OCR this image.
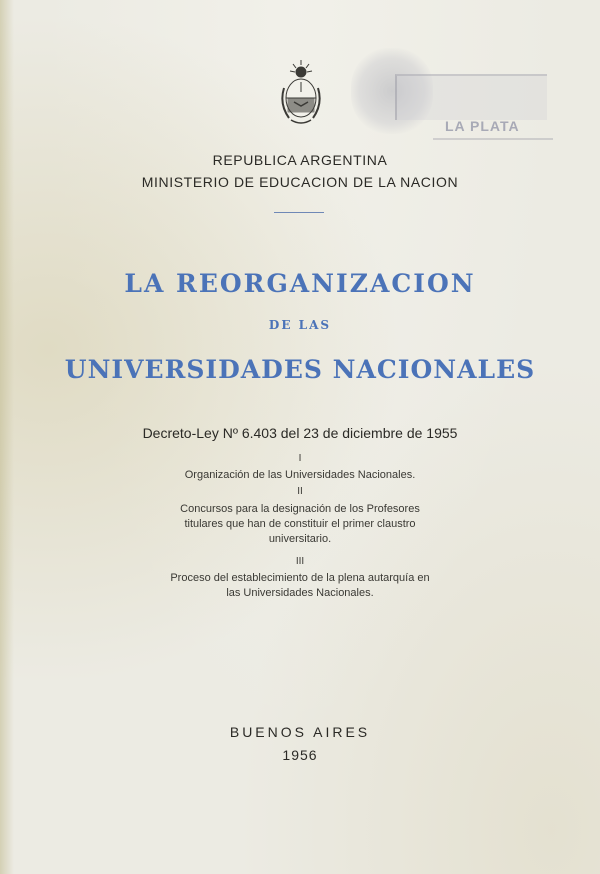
LA PLATA
REPUBLICA ARGENTINA
MINISTERIO DE EDUCACION DE LA NACION
LA REORGANIZACION
DE LAS
UNIVERSIDADES NACIONALES
Decreto-Ley Nº 6.403 del 23 de diciembre de 1955
I
Organización de las Universidades Nacionales.
II
Concursos para la designación de los Profesores titulares que han de constituir el primer claustro universitario.
III
Proceso del establecimiento de la plena autarquía en las Universidades Nacionales.
BUENOS AIRES
1956
